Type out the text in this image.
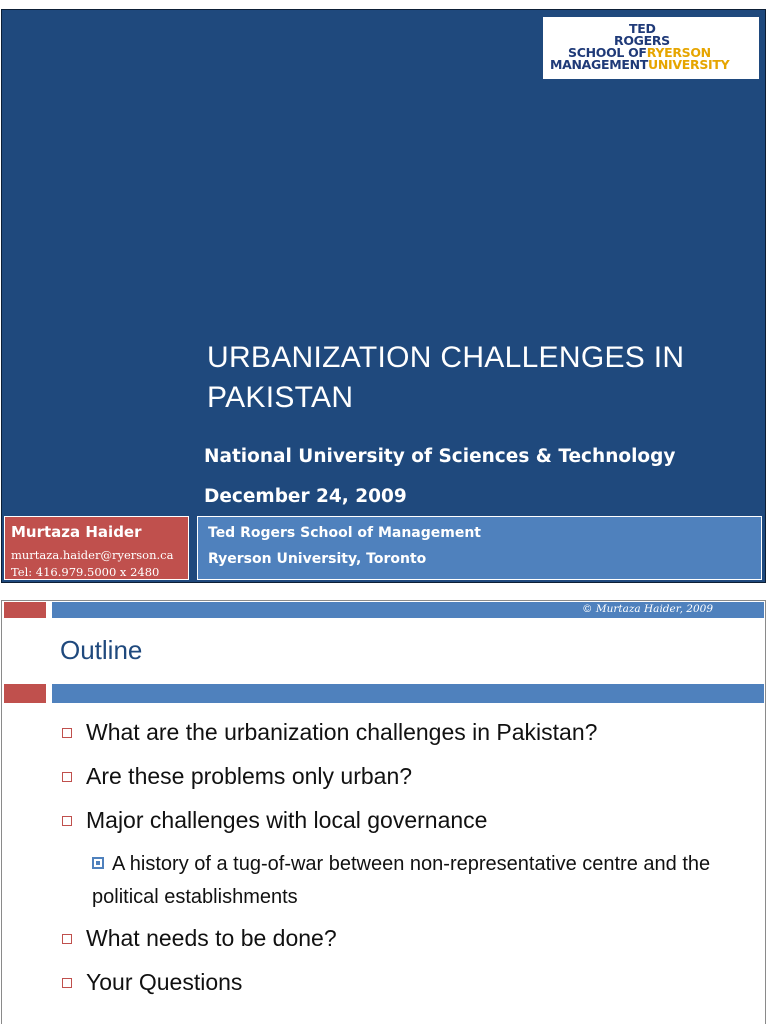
TED
ROGERS
SCHOOL OFRYERSON
MANAGEMENTUNIVERSITY
URBANIZATION CHALLENGES IN PAKISTAN
National University of Sciences & Technology
December 24, 2009
Murtaza Haider
murtaza.haider@ryerson.ca
Tel: 416.979.5000 x 2480
Ted Rogers School of Management
Ryerson University, Toronto
© Murtaza Haider, 2009
Outline
What are the urbanization challenges in Pakistan?
Are these problems only urban?
Major challenges with local governance
A history of a tug-of-war between non-representative centre and the political establishments
What needs to be done?
Your Questions
